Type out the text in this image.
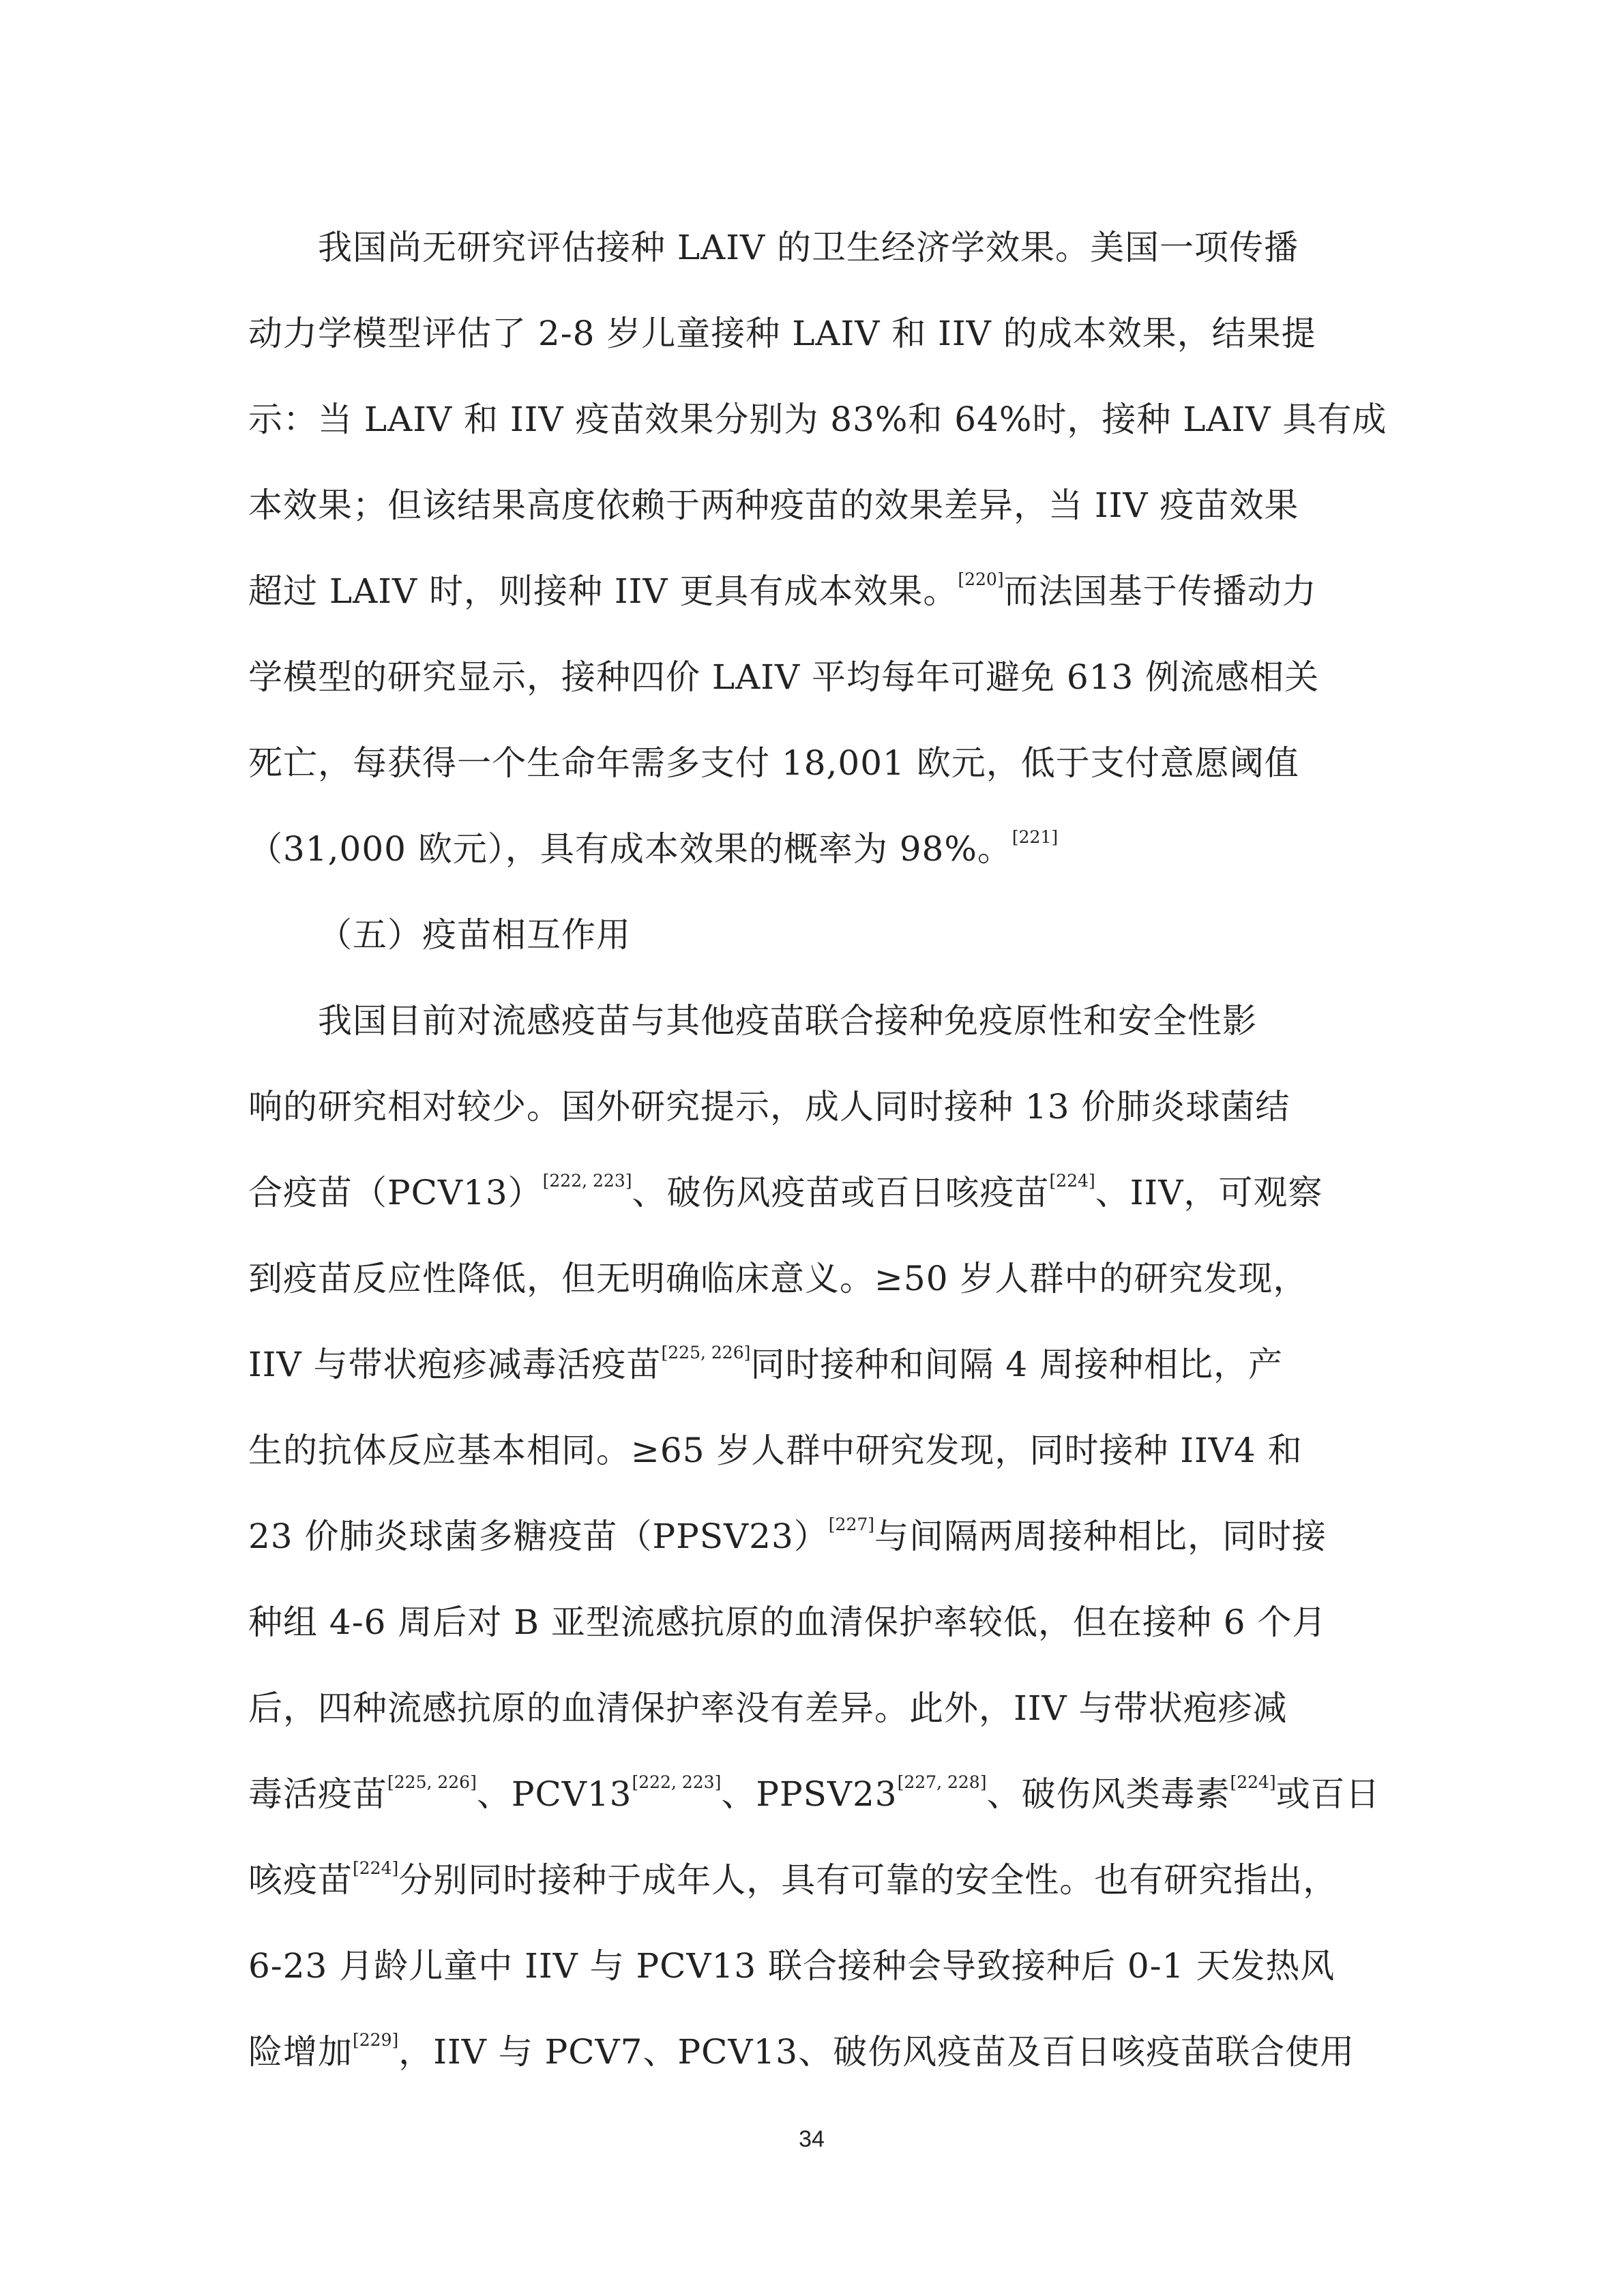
我国尚无研究评估接种 LAIV 的卫生经济学效果。美国一项传播
动力学模型评估了 2-8 岁儿童接种 LAIV 和 IIV 的成本效果，结果提
示：当 LAIV 和 IIV 疫苗效果分别为 83%和 64%时，接种 LAIV 具有成
本效果；但该结果高度依赖于两种疫苗的效果差异，当 IIV 疫苗效果
超过 LAIV 时，则接种 IIV 更具有成本效果。[220]而法国基于传播动力
学模型的研究显示，接种四价 LAIV 平均每年可避免 613 例流感相关
死亡，每获得一个生命年需多支付 18,001 欧元，低于支付意愿阈值
（31,000 欧元），具有成本效果的概率为 98%。[221]
（五）疫苗相互作用
我国目前对流感疫苗与其他疫苗联合接种免疫原性和安全性影
响的研究相对较少。国外研究提示，成人同时接种 13 价肺炎球菌结
合疫苗（PCV13）[222, 223]、破伤风疫苗或百日咳疫苗[224]、IIV，可观察
到疫苗反应性降低，但无明确临床意义。≥50 岁人群中的研究发现，
IIV 与带状疱疹减毒活疫苗[225, 226]同时接种和间隔 4 周接种相比，产
生的抗体反应基本相同。≥65 岁人群中研究发现，同时接种 IIV4 和
23 价肺炎球菌多糖疫苗（PPSV23）[227]与间隔两周接种相比，同时接
种组 4-6 周后对 B 亚型流感抗原的血清保护率较低，但在接种 6 个月
后，四种流感抗原的血清保护率没有差异。此外，IIV 与带状疱疹减
毒活疫苗[225, 226]、PCV13[222, 223]、PPSV23[227, 228]、破伤风类毒素[224]或百日
咳疫苗[224]分别同时接种于成年人，具有可靠的安全性。也有研究指出，
6-23 月龄儿童中 IIV 与 PCV13 联合接种会导致接种后 0-1 天发热风
险增加[229]，IIV 与 PCV7、PCV13、破伤风疫苗及百日咳疫苗联合使用
34
